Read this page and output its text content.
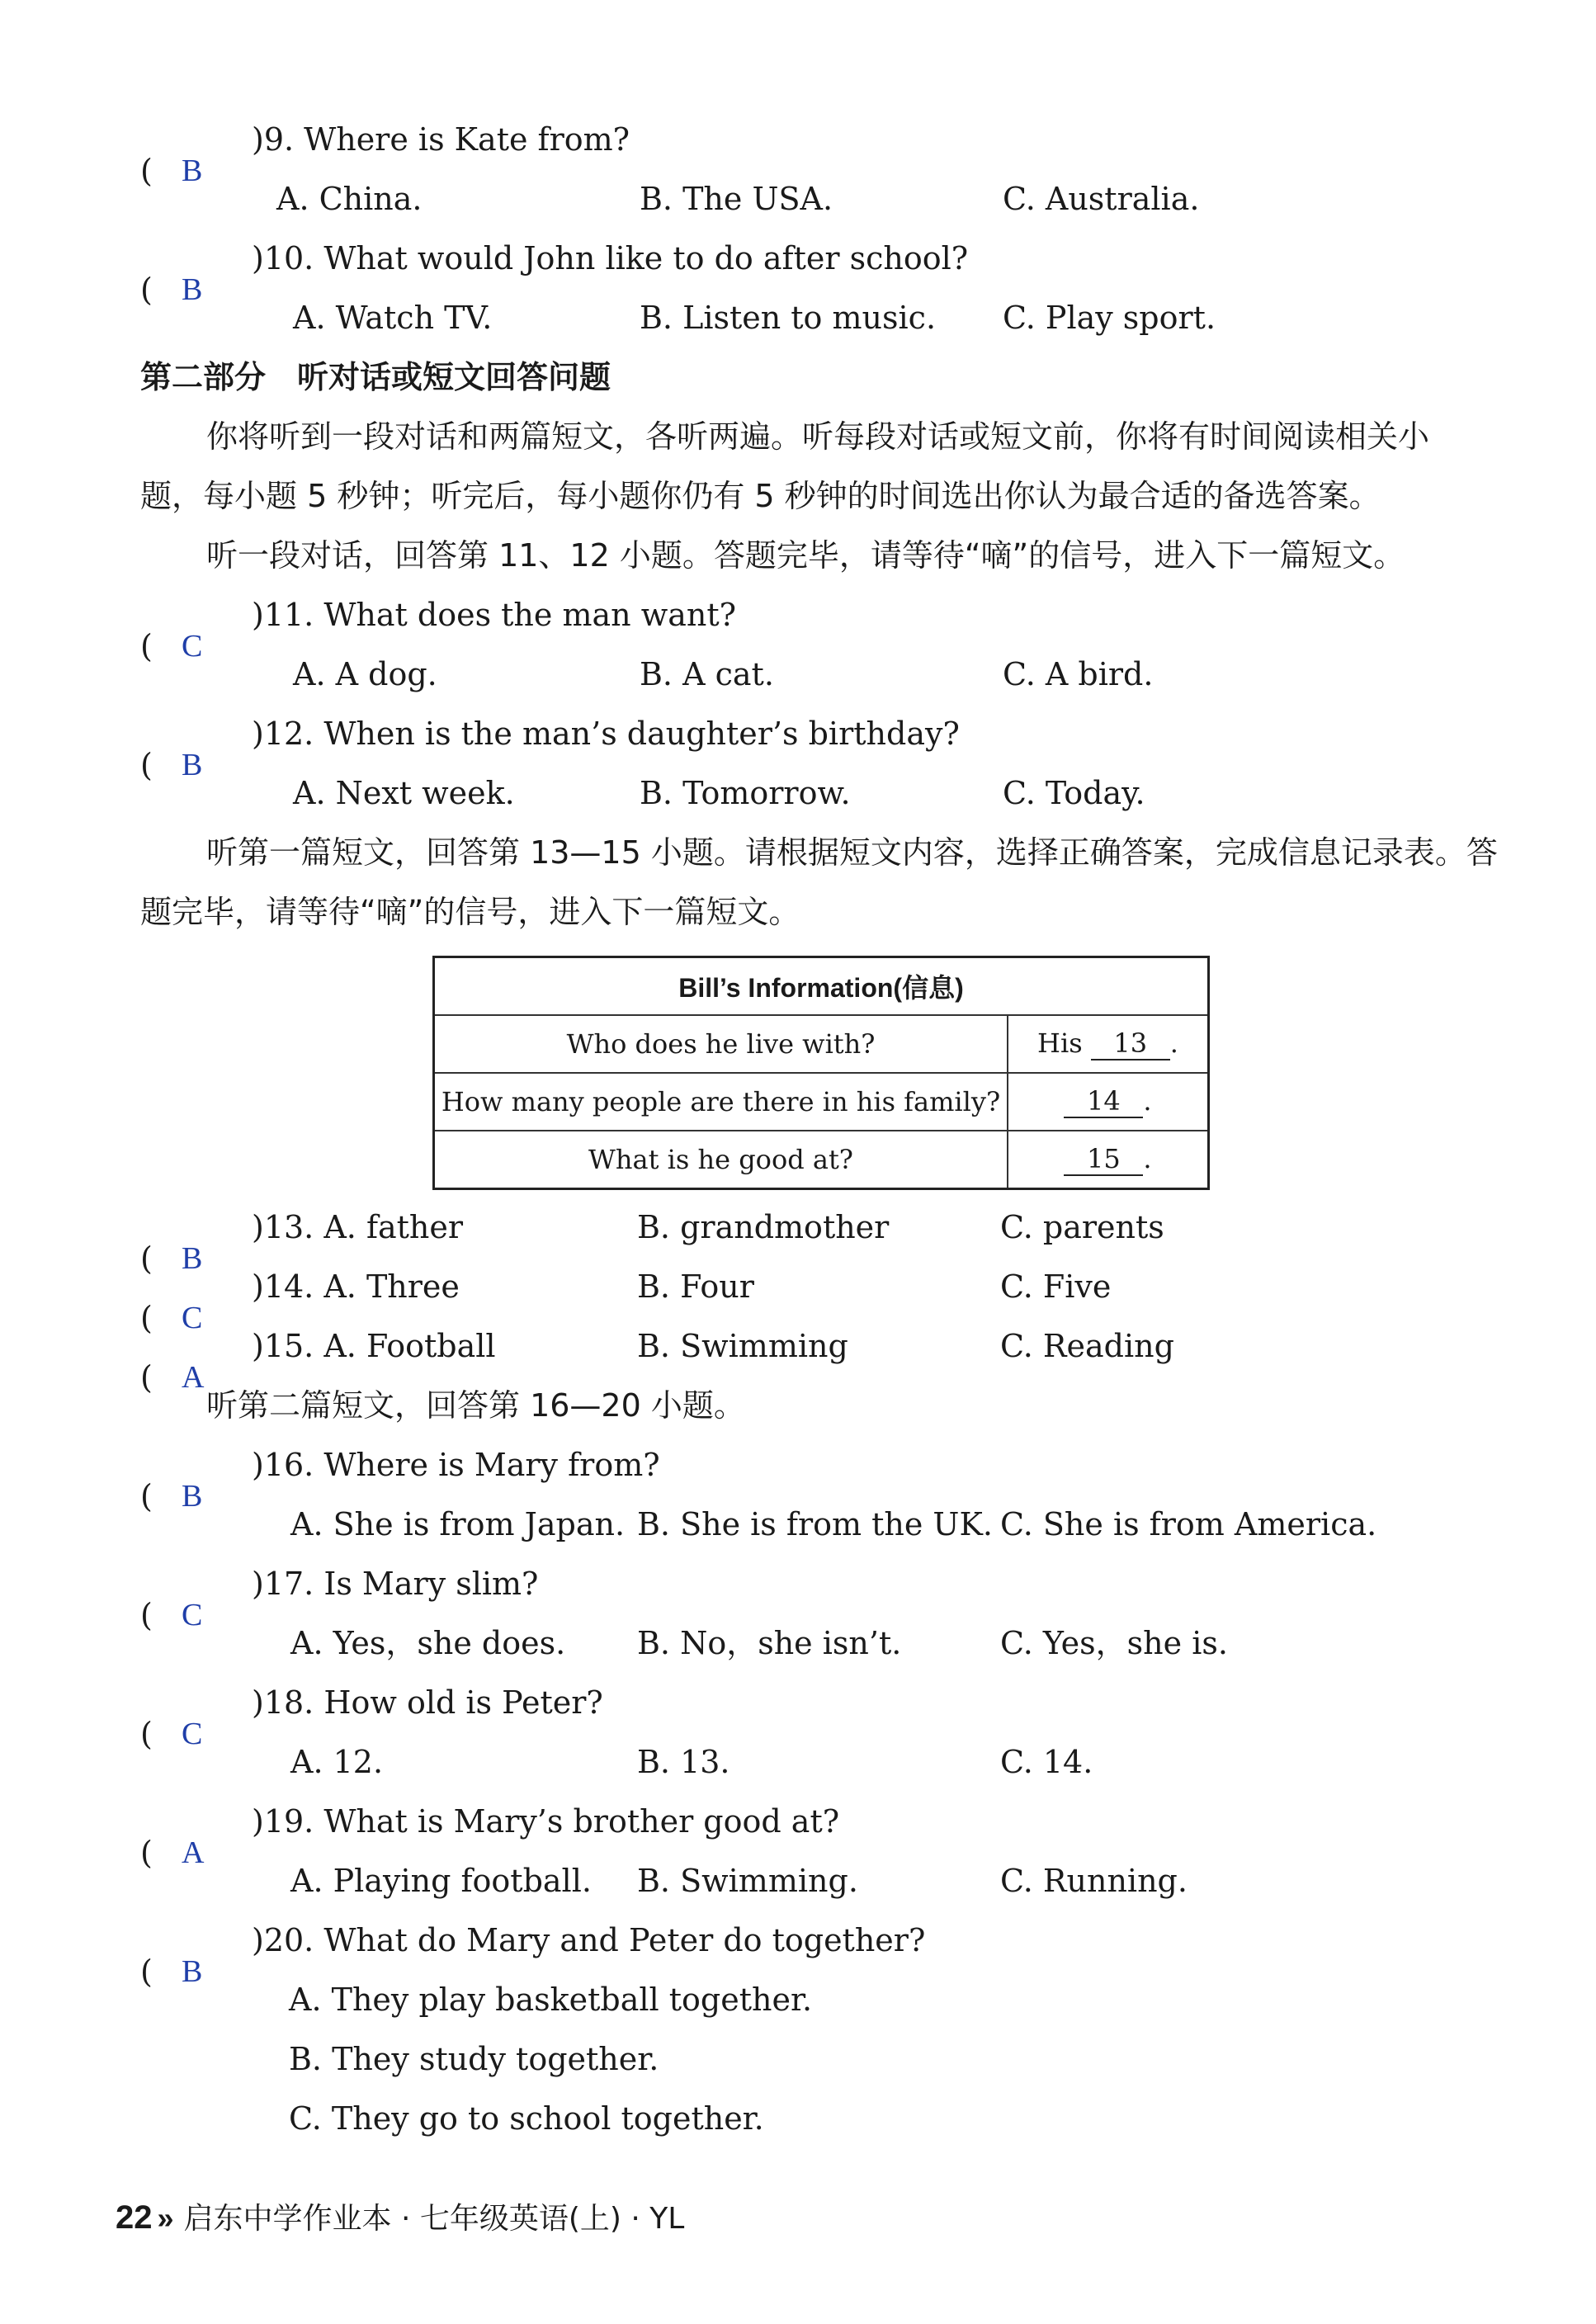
( B
)9. Where is Kate from?
A. China.	B. The USA.	C. Australia.
( B
)10. What would John like to do after school?
A. Watch TV.	B. Listen to music. C. Play sport.
第二部分　听对话或短文回答问题
你将听到一段对话和两篇短文，各听两遍。听每段对话或短文前，你将有时间阅读相关小
题，每小题 5 秒钟；听完后，每小题你仍有 5 秒钟的时间选出你认为最合适的备选答案。
听一段对话，回答第 11、12 小题。答题完毕，请等待“嘀”的信号，进入下一篇短文。
( C
)11. What does the man want?
A. A dog.	B. A cat.	C. A bird.
( B
)12. When is the man’s daughter’s birthday?
A. Next week.	B. Tomorrow.	C. Today.
听第一篇短文，回答第 13—15 小题。请根据短文内容，选择正确答案，完成信息记录表。答
题完毕，请等待“嘀”的信号，进入下一篇短文。
Bill’s Information(信息)	
Who does he live with?	His 13 .
How many people are there in his family?	14 .
What is he good at?	15 .
( B
)13. A. father	B. grandmother	C. parents
( C
)14. A. Three	B. Four	C. Five
( A
)15. A. Football	B. Swimming	C. Reading
听第二篇短文，回答第 16—20 小题。
( B
)16. Where is Mary from?
A. She is from Japan. B. She is from the UK. C. She is from America.
( C
)17. Is Mary slim?
A. Yes，she does. B. No，she isn’t.	C. Yes，she is.
( C
)18. How old is Peter?
A. 12.	B. 13.	C. 14.
( A
)19. What is Mary’s brother good at?
A. Playing football. B. Swimming.	C. Running.
( B
)20. What do Mary and Peter do together?
A. They play basketball together.
B. They study together.
C. They go to school together.
22 » 启东中学作业本 · 七年级英语(上) · YL
